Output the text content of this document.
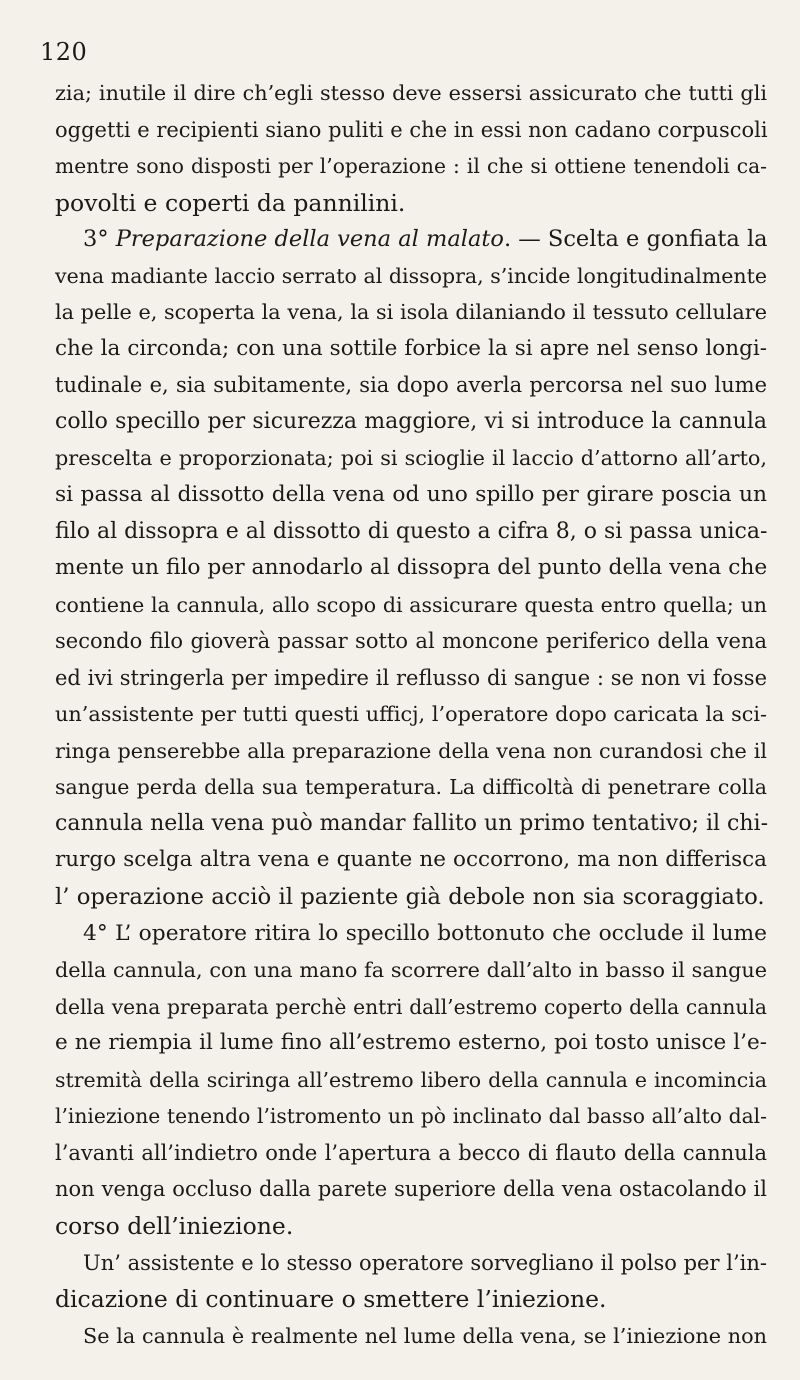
120
zia; inutile il dire ch’egli stesso deve essersi assicurato che tutti gli
oggetti e recipienti siano puliti e che in essi non cadano corpuscoli
mentre sono disposti per l’operazione : il che si ottiene tenendoli ca-
povolti e coperti da pannilini.
3° Preparazione della vena al malato. — Scelta e gonfiata la
vena madiante laccio serrato al dissopra, s’incide longitudinalmente
la pelle e, scoperta la vena, la si isola dilaniando il tessuto cellulare
che la circonda; con una sottile forbice la si apre nel senso longi-
tudinale e, sia subitamente, sia dopo averla percorsa nel suo lume
collo specillo per sicurezza maggiore, vi si introduce la cannula
prescelta e proporzionata; poi si scioglie il laccio d’attorno all’arto,
si passa al dissotto della vena od uno spillo per girare poscia un
filo al dissopra e al dissotto di questo a cifra 8, o si passa unica-
mente un filo per annodarlo al dissopra del punto della vena che
contiene la cannula, allo scopo di assicurare questa entro quella; un
secondo filo gioverà passar sotto al moncone periferico della vena
ed ivi stringerla per impedire il reflusso di sangue : se non vi fosse
un’assistente per tutti questi ufficj, l’operatore dopo caricata la sci-
ringa penserebbe alla preparazione della vena non curandosi che il
sangue perda della sua temperatura. La difficoltà di penetrare colla
cannula nella vena può mandar fallito un primo tentativo; il chi-
rurgo scelga altra vena e quante ne occorrono, ma non differisca
l’ operazione acciò il paziente già debole non sia scoraggiato.
4° L’ operatore ritira lo specillo bottonuto che occlude il lume
della cannula, con una mano fa scorrere dall’alto in basso il sangue
della vena preparata perchè entri dall’estremo coperto della cannula
e ne riempia il lume fino all’estremo esterno, poi tosto unisce l’e-
stremità della sciringa all’estremo libero della cannula e incomincia
l’iniezione tenendo l’istromento un pò inclinato dal basso all’alto dal-
l’avanti all’indietro onde l’apertura a becco di flauto della cannula
non venga occluso dalla parete superiore della vena ostacolando il
corso dell’iniezione.
Un’ assistente e lo stesso operatore sorvegliano il polso per l’in-
dicazione di continuare o smettere l’iniezione.
Se la cannula è realmente nel lume della vena, se l’iniezione non
